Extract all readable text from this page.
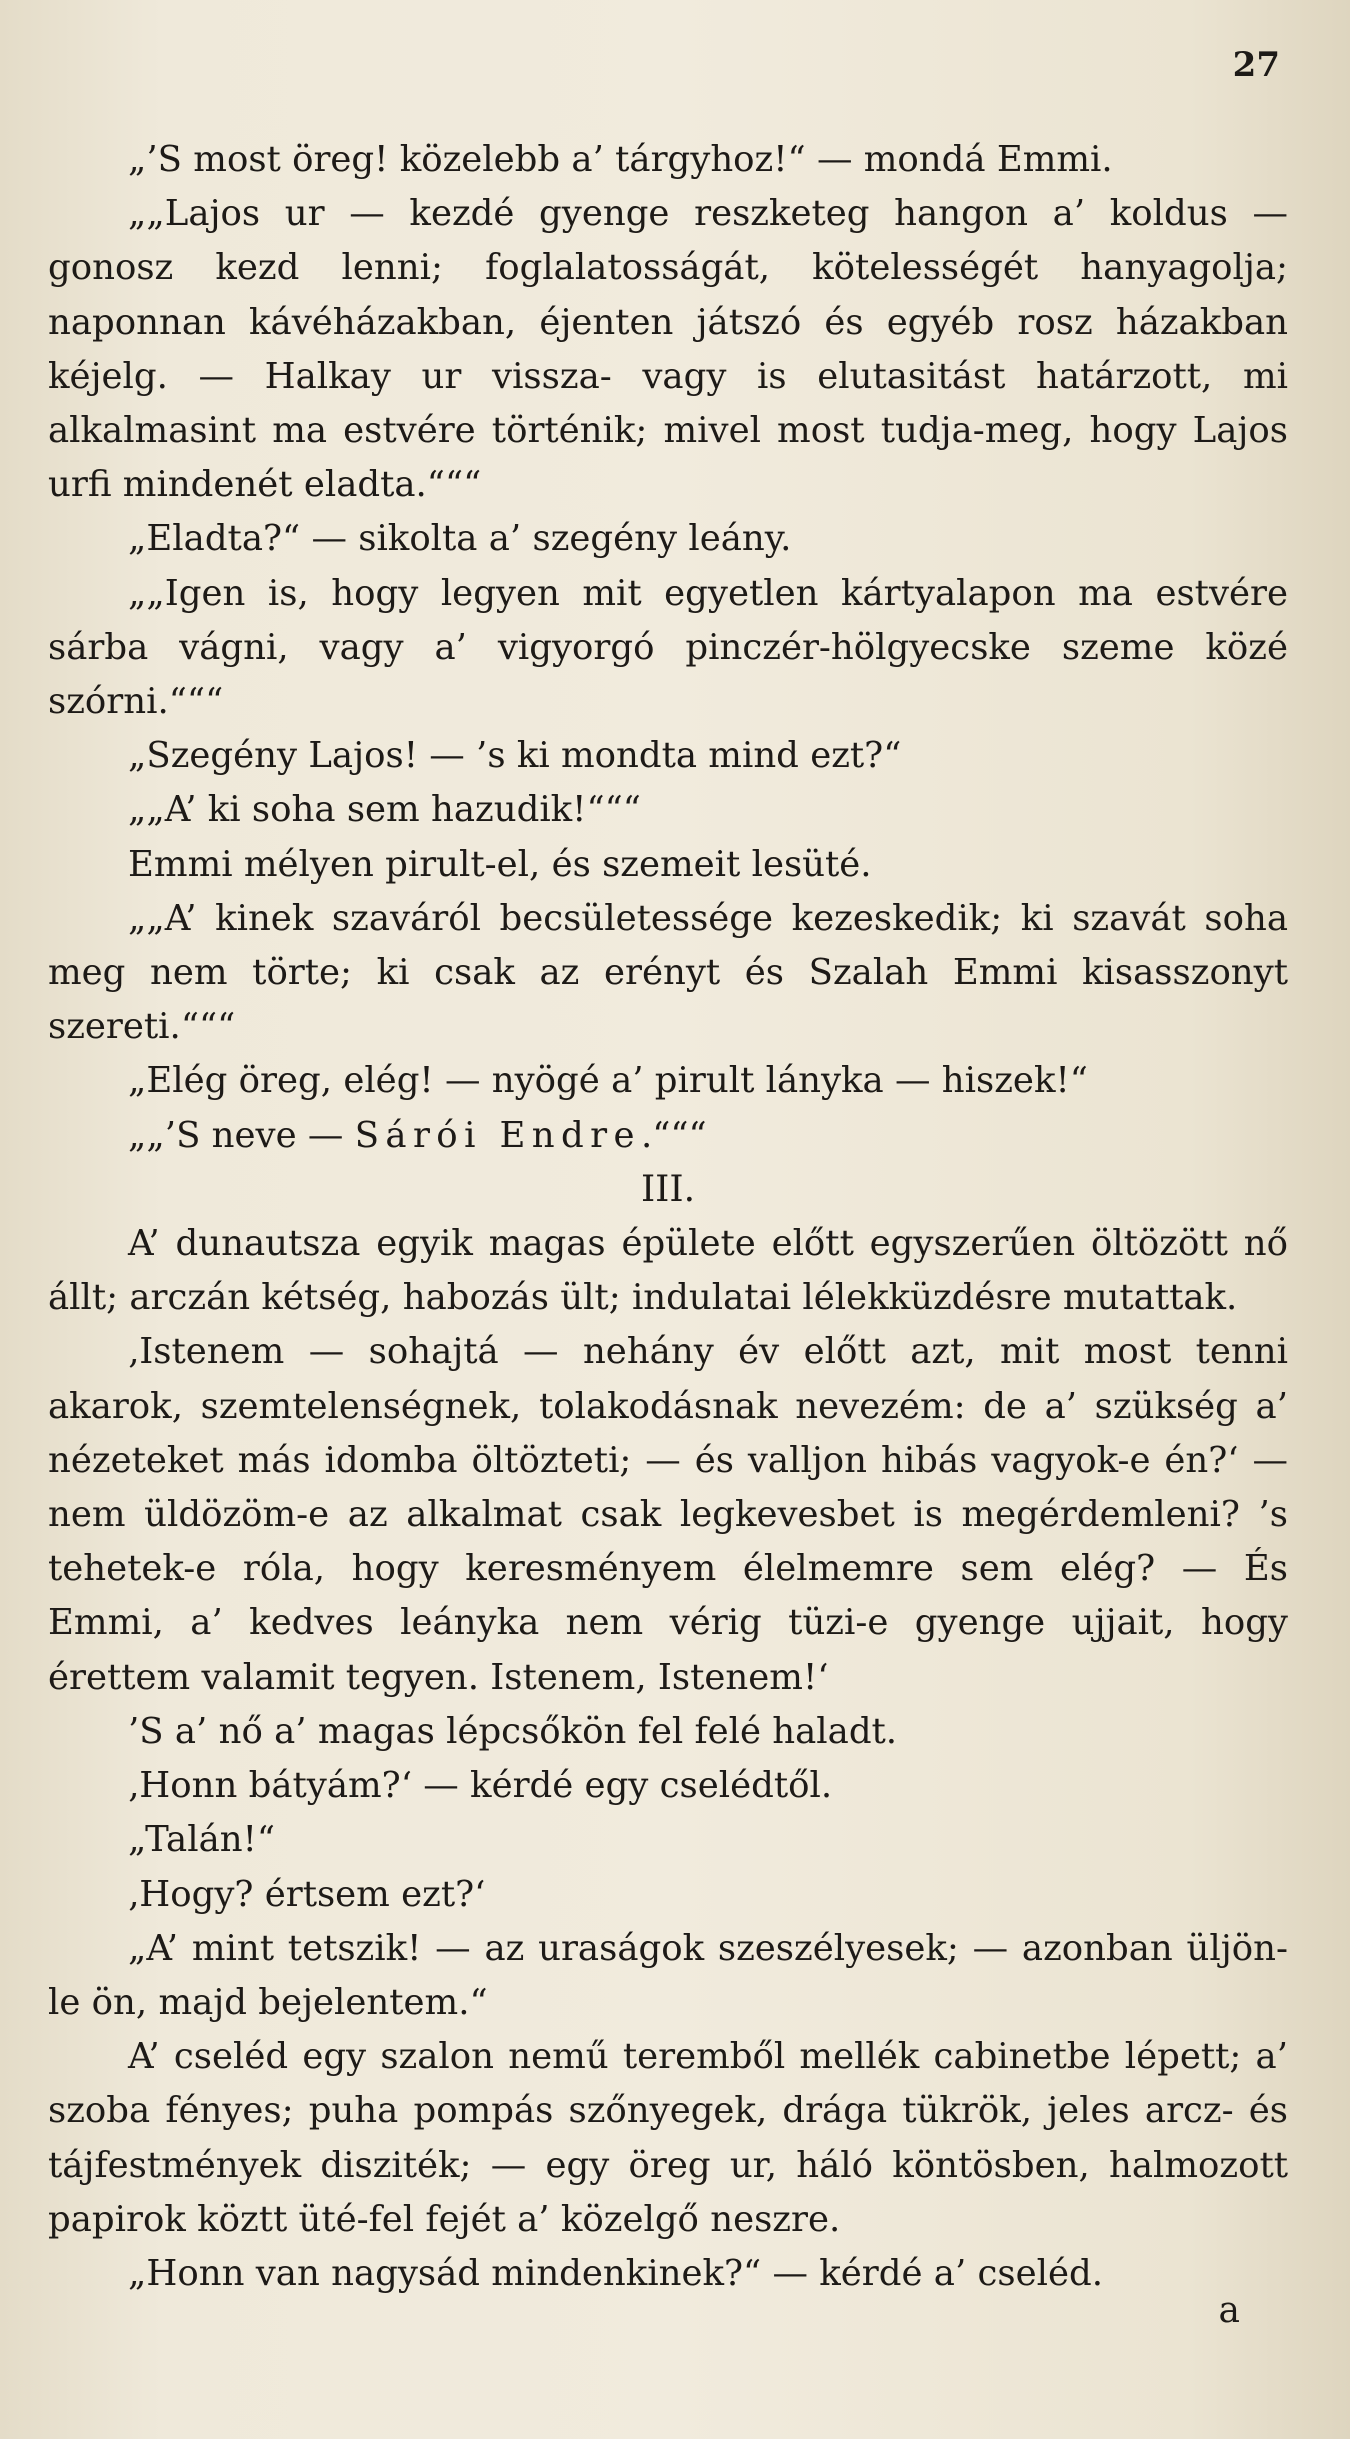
27

„’S most öreg! közelebb a’ tárgyhoz!“ — mondá Emmi.

„„Lajos ur — kezdé gyenge reszketeg hangon a’ koldus — gonosz kezd lenni; foglalatosságát, kötelességét hanyagolja; naponnan kávéházakban, éjenten játszó és egyéb rosz házakban kéjelg. — Halkay ur vissza- vagy is elutasitást határzott, mi alkalmasint ma estvére történik; mivel most tudja-meg, hogy Lajos urfi mindenét eladta.“““

„Eladta?“ — sikolta a’ szegény leány.

„„Igen is, hogy legyen mit egyetlen kártyalapon ma estvére sárba vágni, vagy a’ vigyorgó pinczér-hölgyecske szeme közé szórni.“““

„Szegény Lajos! — ’s ki mondta mind ezt?“

„„A’ ki soha sem hazudik!“““

Emmi mélyen pirult-el, és szemeit lesüté.

„„A’ kinek szaváról becsületessége kezeskedik; ki szavát soha meg nem törte; ki csak az erényt és Szalah Emmi kisasszonyt szereti.“““

„Elég öreg, elég! — nyögé a’ pirult lányka — hiszek!“

„„’S neve — Sárói Endre.“““

III.

A’ dunautsza egyik magas épülete előtt egyszerűen öltözött nő állt; arczán kétség, habozás ült; indulatai lélekküzdésre mutattak.

‚Istenem — sohajtá — nehány év előtt azt, mit most tenni akarok, szemtelenségnek, tolakodásnak nevezém: de a’ szükség a’ nézeteket más idomba öltözteti; — és valljon hibás vagyok-e én?‘ — nem üldözöm-e az alkalmat csak legkevesbet is megérdemleni? ’s tehetek-e róla, hogy keresményem élelmemre sem elég? — És Emmi, a’ kedves leányka nem vérig tüzi-e gyenge ujjait, hogy érettem valamit tegyen. Istenem, Istenem!‘

’S a’ nő a’ magas lépcsőkön fel felé haladt.

‚Honn bátyám?‘ — kérdé egy cselédtől.

„Talán!“

‚Hogy? értsem ezt?‘

„A’ mint tetszik! — az uraságok szeszélyesek; — azonban üljön-le ön, majd bejelentem.“

A’ cseléd egy szalon nemű teremből mellék cabinetbe lépett; a’ szoba fényes; puha pompás szőnyegek, drága tükrök, jeles arcz- és tájfestmények disziték; — egy öreg ur, háló köntösben, halmozott papirok köztt üté-fel fejét a’ közelgő neszre.

„Honn van nagysád mindenkinek?“ — kérdé a’ cseléd.

a
